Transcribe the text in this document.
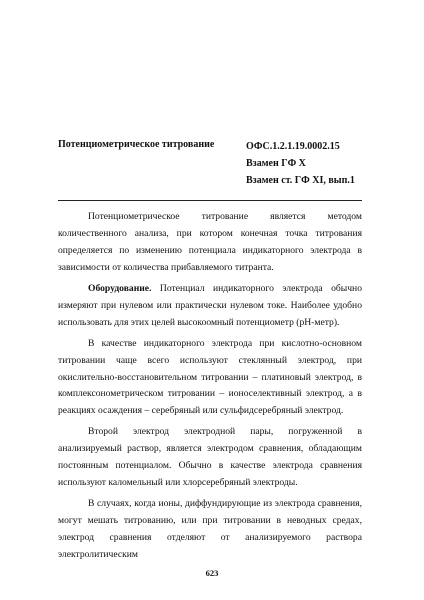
Потенциометрическое титрование	ОФС.1.2.1.19.0002.15
Взамен ГФ Х
Взамен ст. ГФ XI, вып.1

Потенциометрическое титрование является методом количественного анализа, при котором конечная точка титрования определяется по изменению потенциала индикаторного электрода в зависимости от количества прибавляемого титранта.

Оборудование. Потенциал индикаторного электрода обычно измеряют при нулевом или практически нулевом токе. Наиболее удобно использовать для этих целей высокоомный потенциометр (pH-метр).

В качестве индикаторного электрода при кислотно-основном титровании чаще всего используют стеклянный электрод, при окислительно-восстановительном титровании – платиновый электрод, в комплексонометрическом титровании – ионоселективный электрод, а в реакциях осаждения – серебряный или сульфидсеребряный электрод.

Второй электрод электродной пары, погруженной в анализируемый раствор, является электродом сравнения, обладающим постоянным потенциалом. Обычно в качестве электрода сравнения используют каломельный или хлорсеребряный электроды.

В случаях, когда ионы, диффундирующие из электрода сравнения, могут мешать титрованию, или при титровании в неводных средах, электрод сравнения отделяют от анализируемого раствора электролитическим

623
